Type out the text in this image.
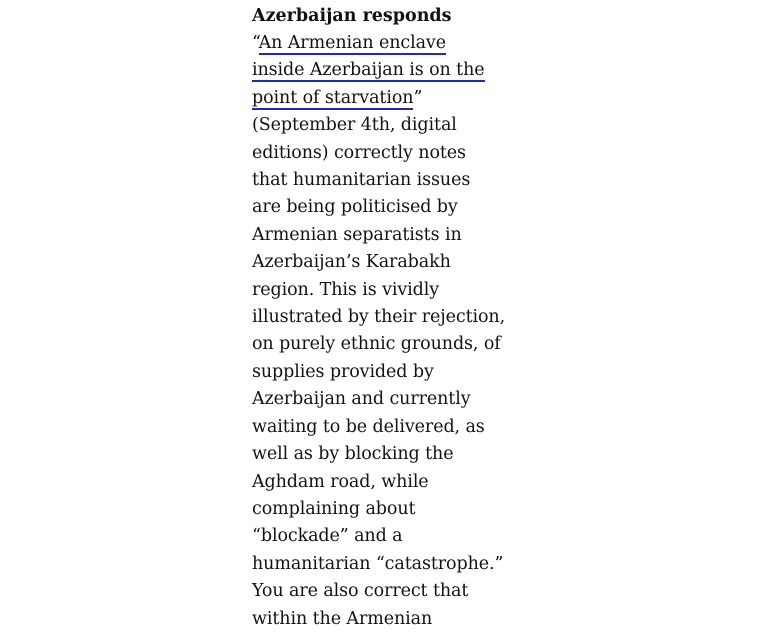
Azerbaijan responds
“An Armenian enclave
inside Azerbaijan is on the
point of starvation”
(September 4th, digital
editions) correctly notes
that humanitarian issues
are being politicised by
Armenian separatists in
Azerbaijan’s Karabakh
region. This is vividly
illustrated by their rejection,
on purely ethnic grounds, of
supplies provided by
Azerbaijan and currently
waiting to be delivered, as
well as by blocking the
Aghdam road, while
complaining about
“blockade” and a
humanitarian “catastrophe.”
You are also correct that
within the Armenian
